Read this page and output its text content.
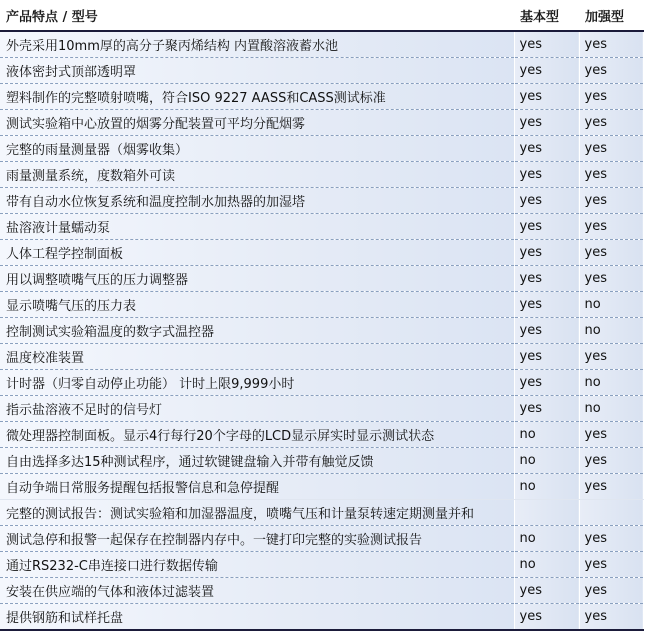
产品特点 / 型号	基本型	加强型
外壳采用10mm厚的高分子聚丙烯结构 内置酸溶液蓄水池	yes	yes
液体密封式顶部透明罩	yes	yes
塑料制作的完整喷射喷嘴，符合ISO 9227 AASS和CASS测试标准	yes	yes
测试实验箱中心放置的烟雾分配装置可平均分配烟雾	yes	yes
完整的雨量测量器（烟雾收集）	yes	yes
雨量测量系统，度数箱外可读	yes	yes
带有自动水位恢复系统和温度控制水加热器的加湿塔	yes	yes
盐溶液计量蠕动泵	yes	yes
人体工程学控制面板	yes	yes
用以调整喷嘴气压的压力调整器	yes	yes
显示喷嘴气压的压力表	yes	no
控制测试实验箱温度的数字式温控器	yes	no
温度校准装置	yes	yes
计时器（归零自动停止功能） 计时上限9,999小时	yes	no
指示盐溶液不足时的信号灯	yes	no
微处理器控制面板。显示4行每行20个字母的LCD显示屏实时显示测试状态	no	yes
自由选择多达15种测试程序，通过软键键盘输入并带有触觉反馈	no	yes
自动争端日常服务提醒包括报警信息和急停提醒	no	yes
完整的测试报告：测试实验箱和加湿器温度，喷嘴气压和计量泵转速定期测量并和		
测试急停和报警一起保存在控制器内存中。一键打印完整的实验测试报告	no	yes
通过RS232-C串连接口进行数据传输	no	yes
安装在供应端的气体和液体过滤装置	yes	yes
提供钢筋和试样托盘	yes	yes
